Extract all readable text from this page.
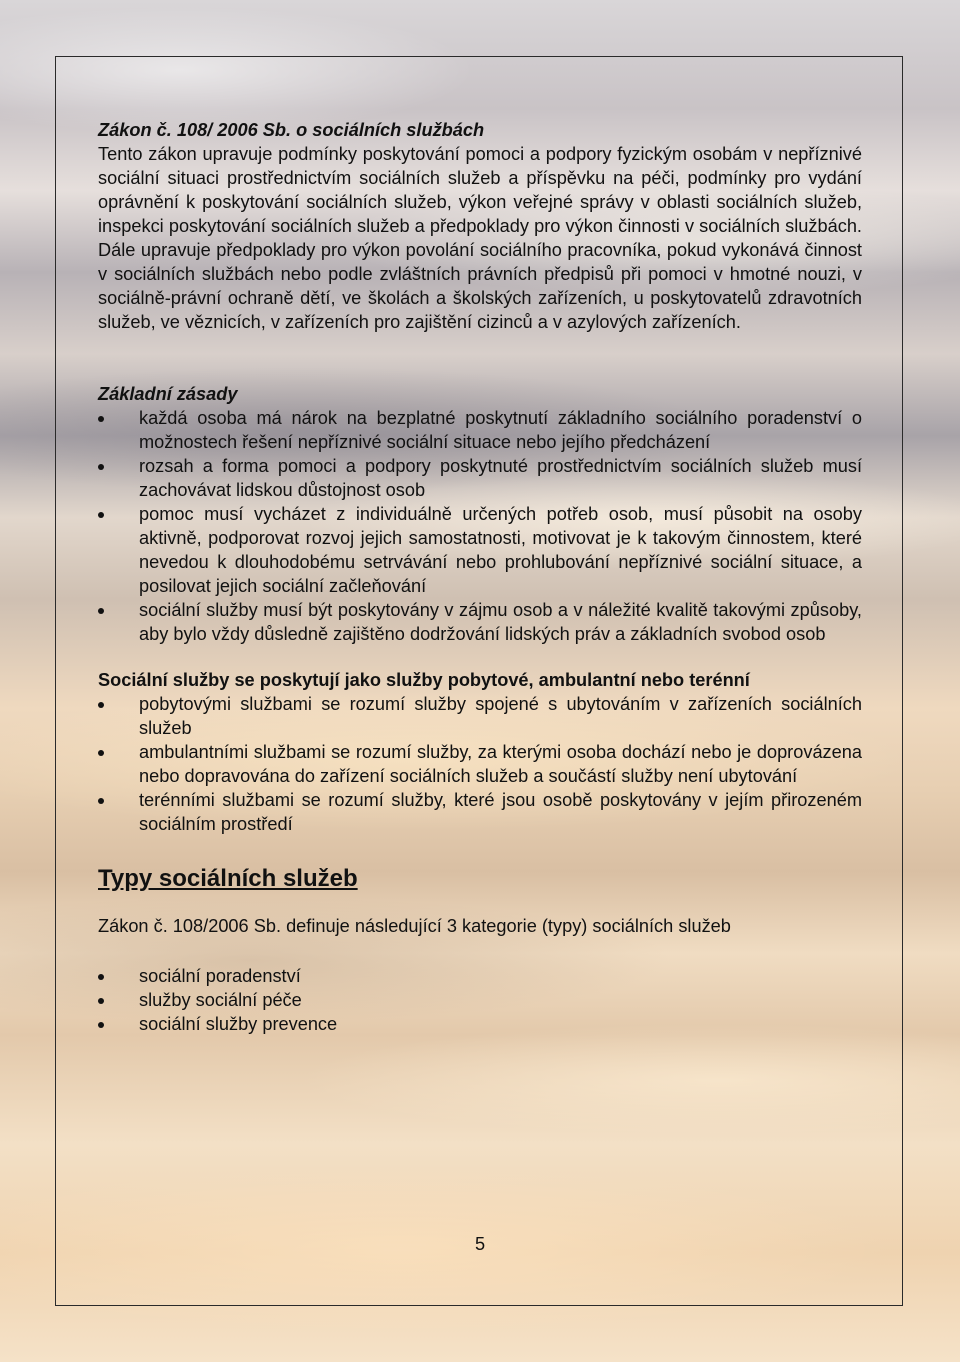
Zákon č. 108/ 2006 Sb. o sociálních službách

Tento zákon upravuje podmínky poskytování pomoci a podpory fyzickým osobám v nepříznivé sociální situaci prostřednictvím sociálních služeb a příspěvku na péči, podmínky pro vydání oprávnění k poskytování sociálních služeb, výkon veřejné správy v oblasti sociálních služeb, inspekci poskytování sociálních služeb a předpoklady pro výkon činnosti v sociálních službách. Dále upravuje předpoklady pro výkon povolání sociálního pracovníka, pokud vykonává činnost v sociálních službách nebo podle zvláštních právních předpisů při pomoci v hmotné nouzi, v sociálně-právní ochraně dětí, ve školách a školských zařízeních, u poskytovatelů zdravotních služeb, ve věznicích, v zařízeních pro zajištění cizinců a v azylových zařízeních.

Základní zásady

každá osoba má nárok na bezplatné poskytnutí základního sociálního poradenství o možnostech řešení nepříznivé sociální situace nebo jejího předcházení
rozsah a forma pomoci a podpory poskytnuté prostřednictvím sociálních služeb musí zachovávat lidskou důstojnost osob
pomoc musí vycházet z individuálně určených potřeb osob, musí působit na osoby aktivně, podporovat rozvoj jejich samostatnosti, motivovat je k takovým činnostem, které nevedou k dlouhodobému setrvávání nebo prohlubování nepříznivé sociální situace, a posilovat jejich sociální začleňování
sociální služby musí být poskytovány v zájmu osob a v náležité kvalitě takovými způsoby, aby bylo vždy důsledně zajištěno dodržování lidských práv a základních svobod osob

Sociální služby se poskytují jako služby pobytové, ambulantní nebo terénní

pobytovými službami se rozumí služby spojené s ubytováním v zařízeních sociálních služeb
ambulantními službami se rozumí služby, za kterými osoba dochází nebo je doprovázena nebo dopravována do zařízení sociálních služeb a součástí služby není ubytování
terénními službami se rozumí služby, které jsou osobě poskytovány v jejím přirozeném sociálním prostředí

Typy sociálních služeb

Zákon č. 108/2006 Sb. definuje následující 3 kategorie (typy) sociálních služeb

sociální poradenství
služby sociální péče
sociální služby prevence
5
